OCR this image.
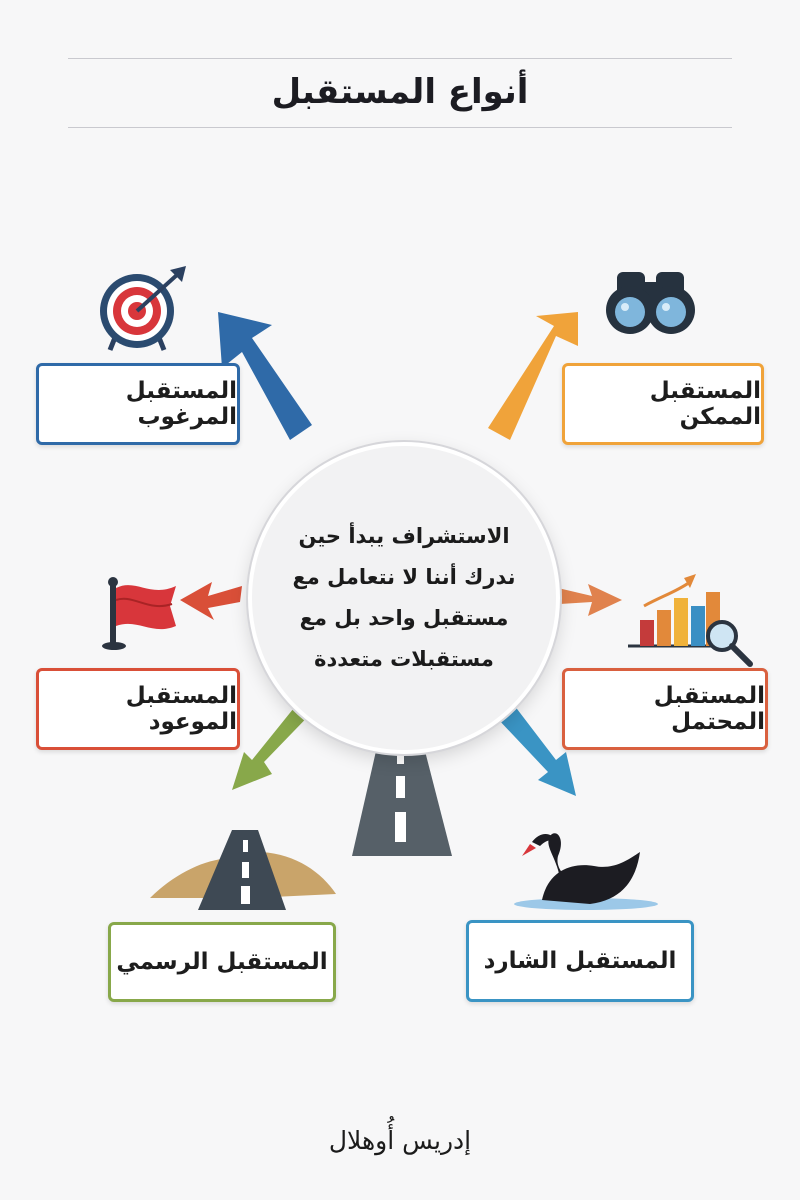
أنواع المستقبل
المستقبل المرغوب
المستقبل الممكن
المستقبل الموعود
المستقبل المحتمل
المستقبل الرسمي	المستقبل الشارد

الاستشراف يبدأ حين ندرك أننا لا نتعامل مع مستقبل واحد بل مع مستقبلات متعددة

إدريس أُوهلال
